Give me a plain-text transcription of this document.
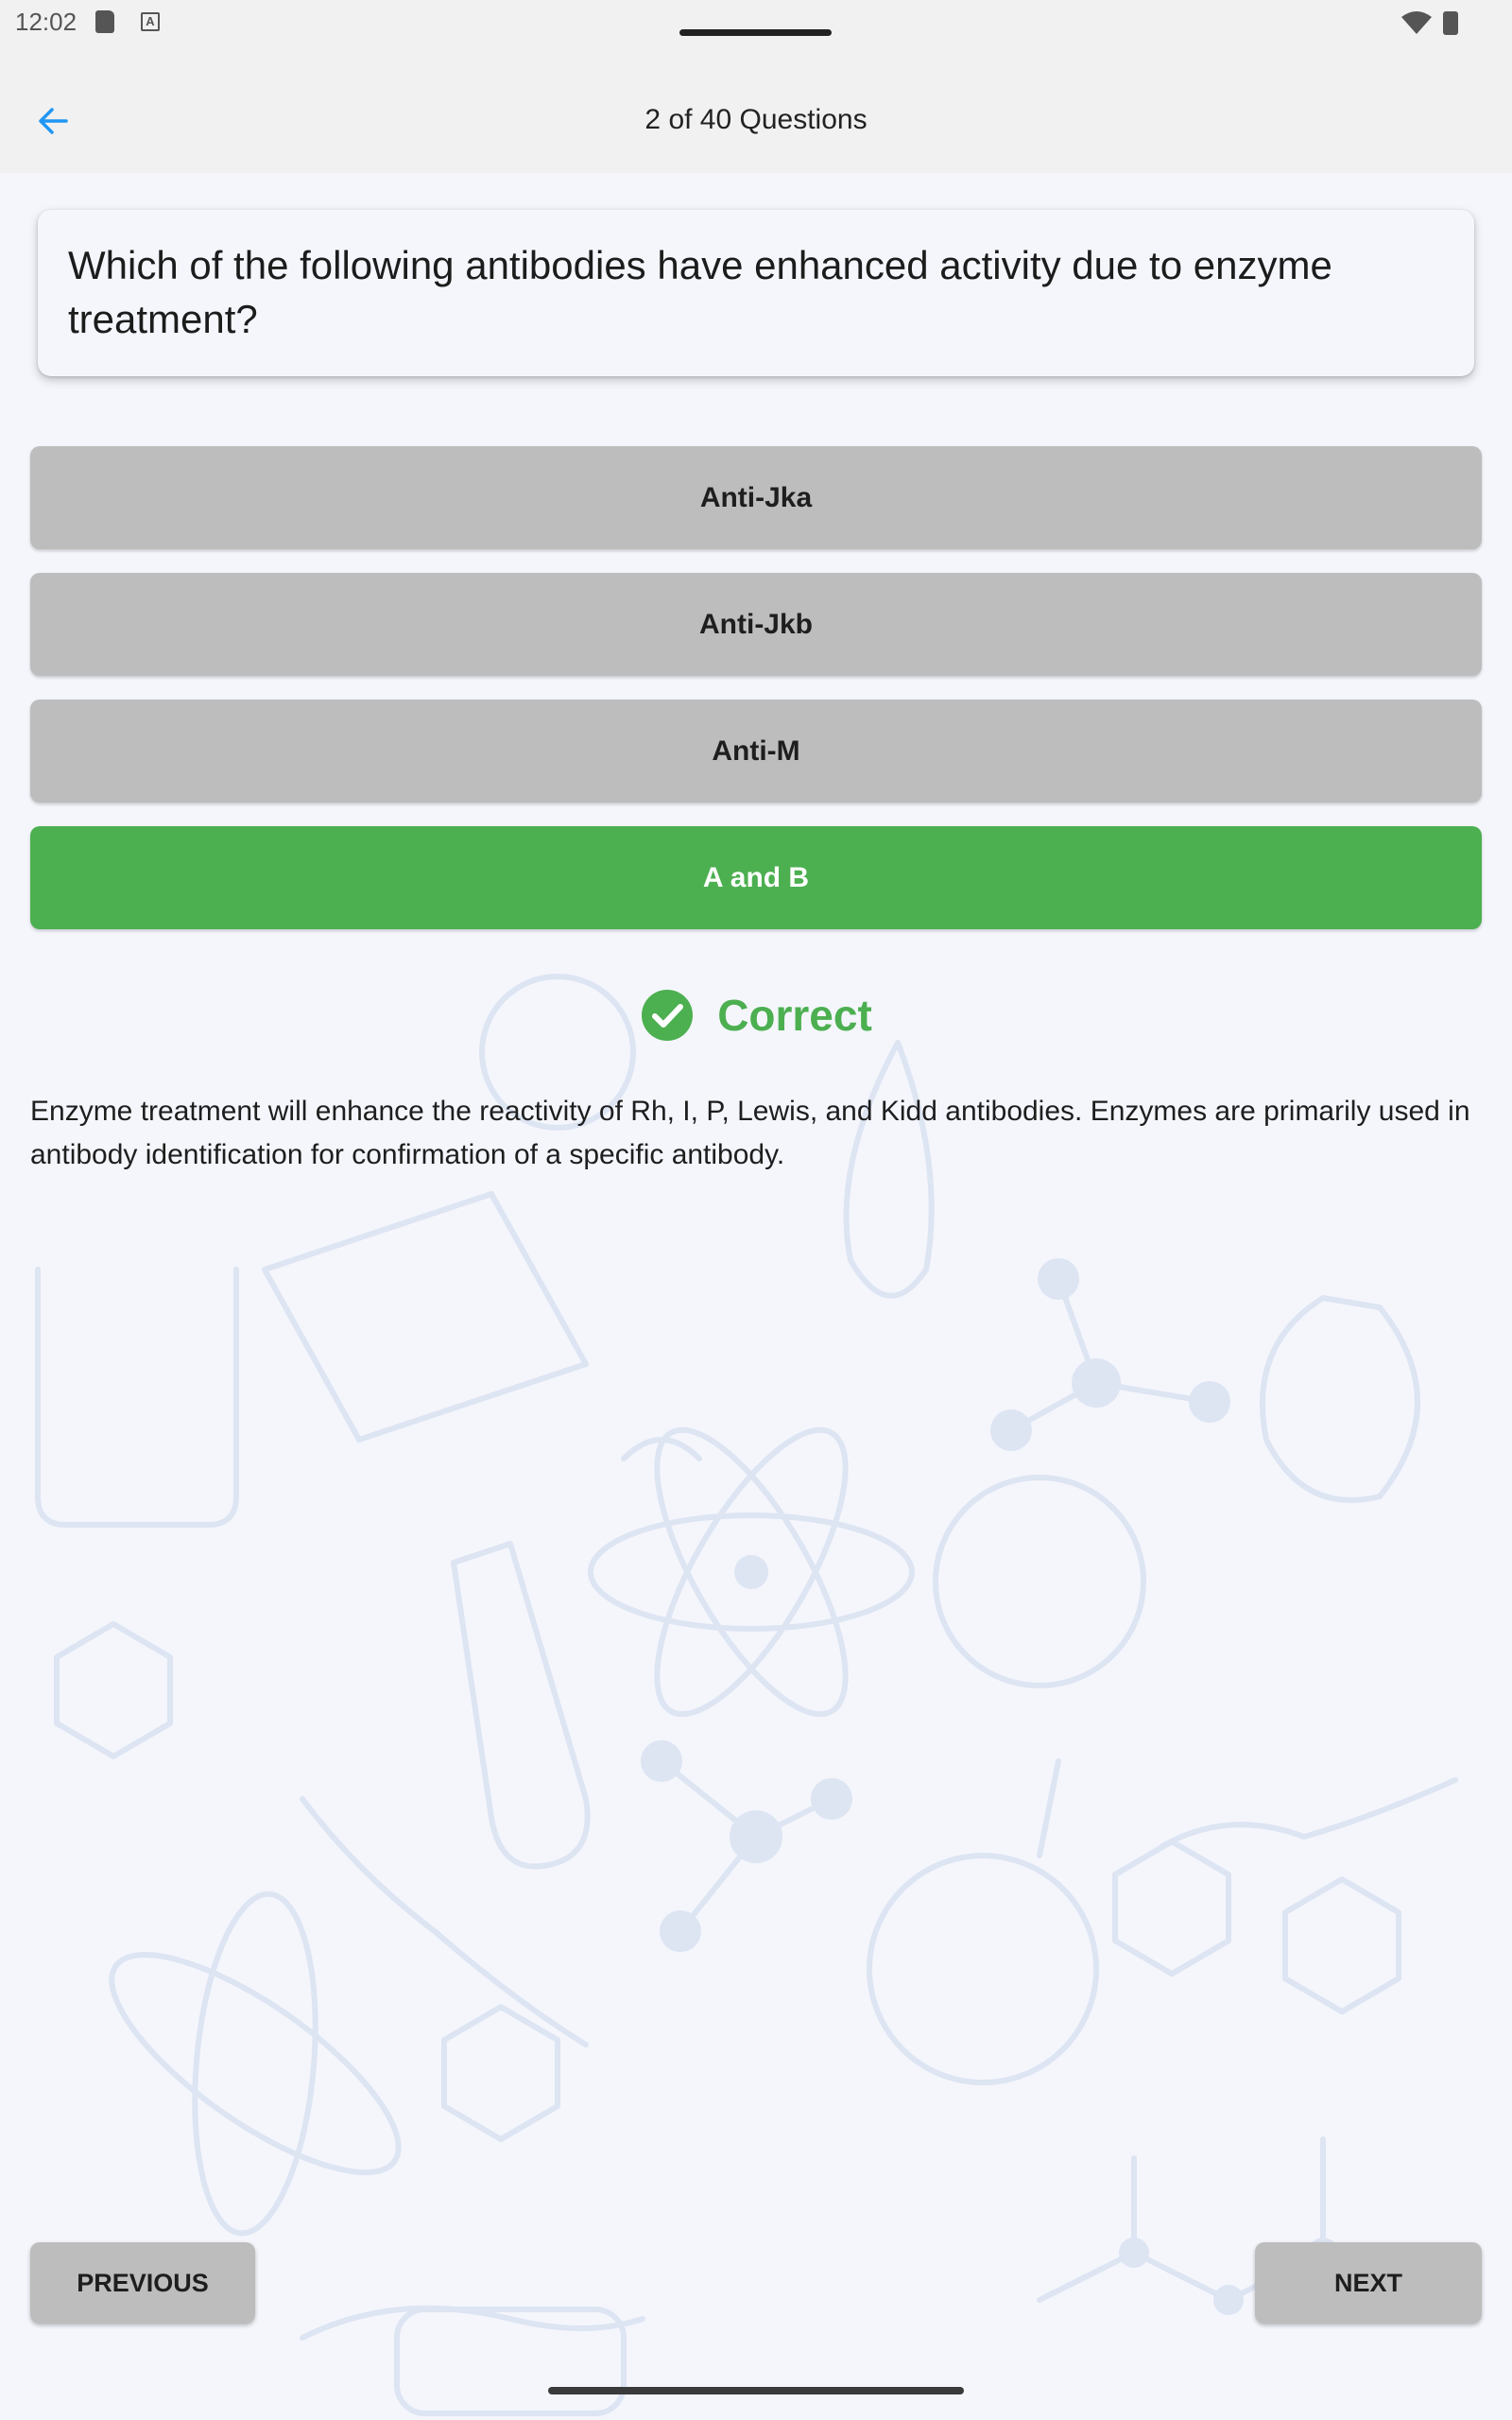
12:02	A
2 of 40 Questions
Which of the following antibodies have enhanced activity due to enzyme treatment?
Anti-Jka
Anti-Jkb
Anti-M
A and B
Correct
Enzyme treatment will enhance the reactivity of Rh, I, P, Lewis, and Kidd antibodies. Enzymes are primarily used in antibody identification for confirmation of a specific antibody.
PREVIOUS	NEXT
